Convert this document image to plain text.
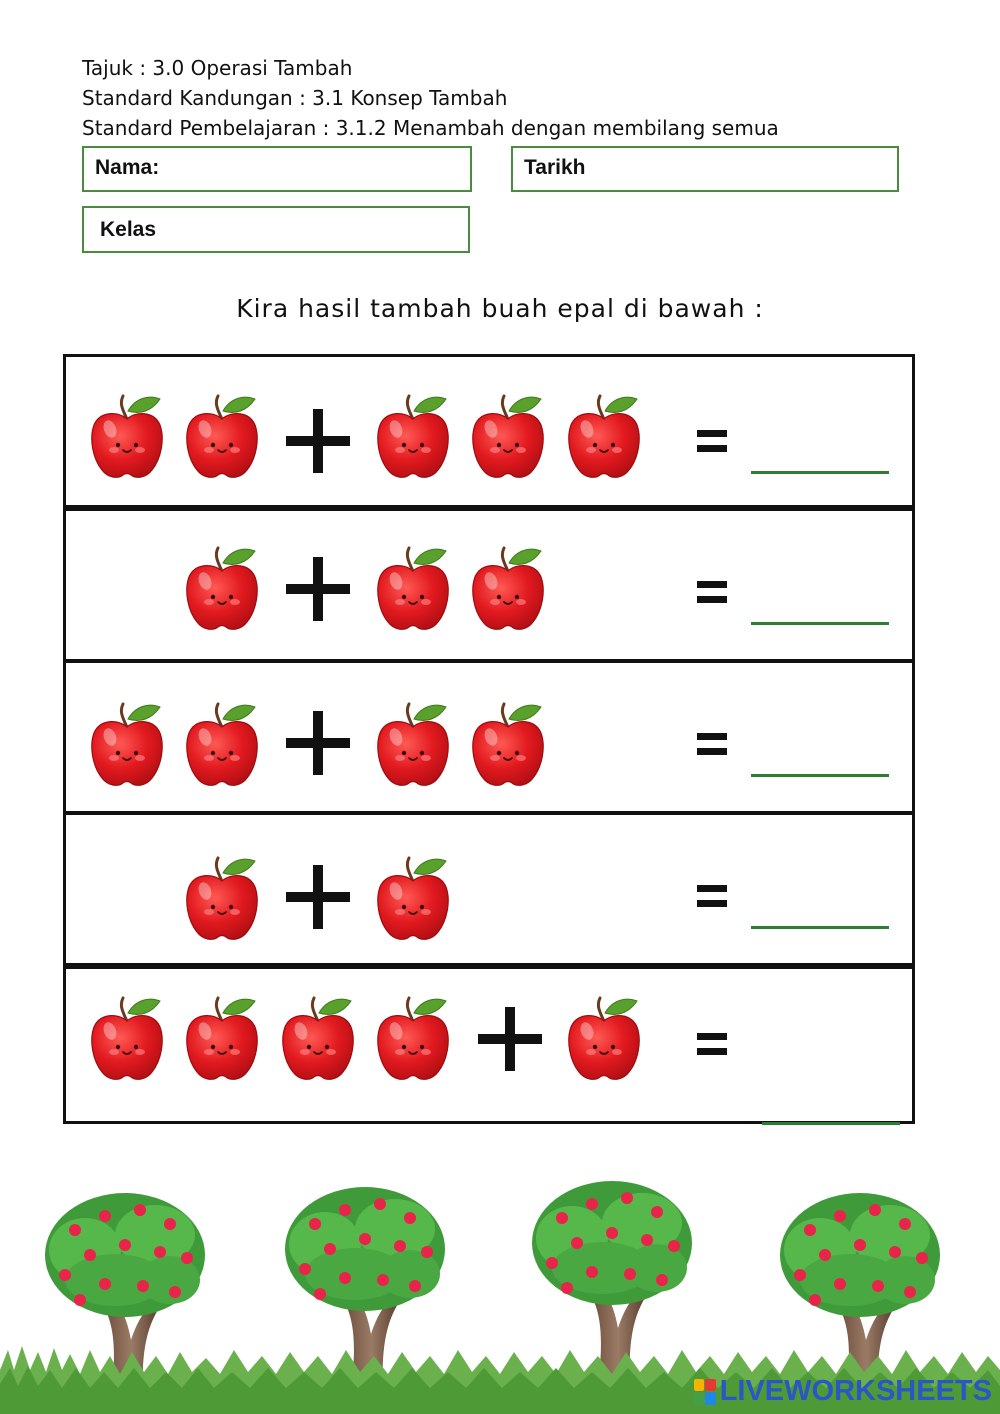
Tajuk : 3.0 Operasi Tambah
Standard Kandungan : 3.1 Konsep Tambah
Standard Pembelajaran : 3.1.2 Menambah dengan membilang semua
Nama:	Tarikh
Kelas
Kira hasil tambah buah epal di bawah :
LIVEWORKSHEETS
